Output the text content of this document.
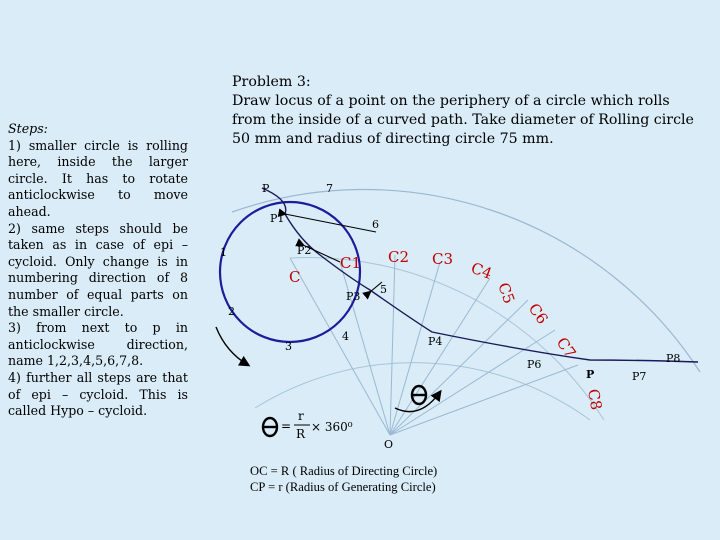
P
P1
P2
P3
P4
P6
P7
P8
1
2
3
4
5
6
7
P
O
C
C1 C2 C3 C4
C5
C6
C7
C8
=
r
R × 360⁰
Steps:
1) smaller circle is rolling here, inside the larger circle. It has to rotate anticlockwise to move ahead.
2) same steps should be taken as in case of epi – cycloid. Only change is in numbering direction of 8 number of equal parts on the smaller circle.
3) from next to p in anticlockwise direction, name 1,2,3,4,5,6,7,8.
4) further all steps are that of epi – cycloid. This is called Hypo – cycloid.
Problem 3:
Draw locus of a point on the periphery of a circle which rolls from the inside of a curved path. Take diameter of Rolling circle 50 mm and radius of directing circle 75 mm.
OC = R ( Radius of Directing Circle)
CP = r (Radius of Generating Circle)
